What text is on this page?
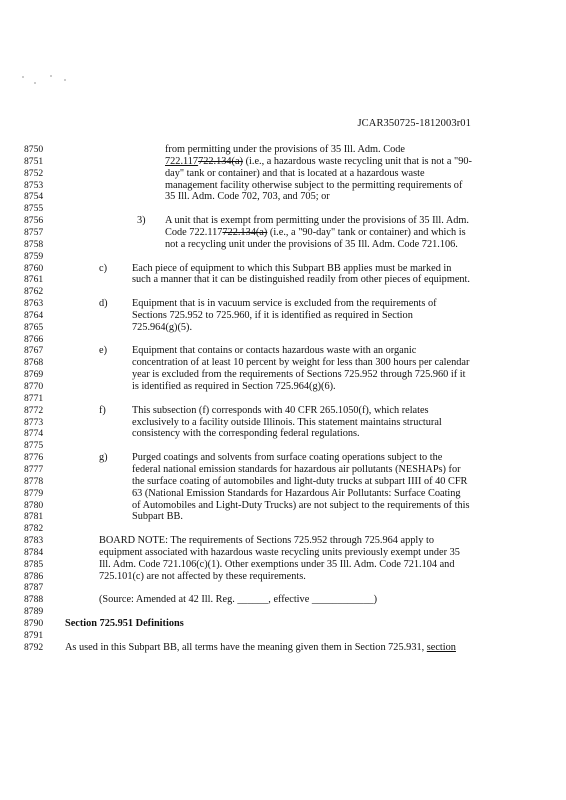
JCAR350725-1812003r01
8750	from permitting under the provisions of 35 Ill. Adm. Code
8751	722.117722.134(a) (i.e., a hazardous waste recycling unit that is not a "90-
8752	day" tank or container) and that is located at a hazardous waste
8753	management facility otherwise subject to the permitting requirements of
8754	35 Ill. Adm. Code 702, 703, and 705; or
8755
8756	3) A unit that is exempt from permitting under the provisions of 35 Ill. Adm.
8757	Code 722.117722.134(a) (i.e., a "90-day" tank or container) and which is
8758	not a recycling unit under the provisions of 35 Ill. Adm. Code 721.106.
8759
8760	c) Each piece of equipment to which this Subpart BB applies must be marked in
8761	such a manner that it can be distinguished readily from other pieces of equipment.
8762
8763	d) Equipment that is in vacuum service is excluded from the requirements of
8764	Sections 725.952 to 725.960, if it is identified as required in Section
8765	725.964(g)(5).
8766
8767	e) Equipment that contains or contacts hazardous waste with an organic
8768	concentration of at least 10 percent by weight for less than 300 hours per calendar
8769	year is excluded from the requirements of Sections 725.952 through 725.960 if it
8770	is identified as required in Section 725.964(g)(6).
8771
8772	f)	This subsection (f) corresponds with 40 CFR 265.1050(f), which relates
8773	exclusively to a facility outside Illinois. This statement maintains structural
8774	consistency with the corresponding federal regulations.
8775
8776	g) Purged coatings and solvents from surface coating operations subject to the
8777	federal national emission standards for hazardous air pollutants (NESHAPs) for
8778	the surface coating of automobiles and light-duty trucks at subpart IIII of 40 CFR
8779	63 (National Emission Standards for Hazardous Air Pollutants: Surface Coating
8780	of Automobiles and Light-Duty Trucks) are not subject to the requirements of this
8781	Subpart BB.
8782
8783	BOARD NOTE: The requirements of Sections 725.952 through 725.964 apply to
8784	equipment associated with hazardous waste recycling units previously exempt under 35
8785	Ill. Adm. Code 721.106(c)(1). Other exemptions under 35 Ill. Adm. Code 721.104 and
8786	725.101(c) are not affected by these requirements.
8787
8788	(Source: Amended at 42 Ill. Reg. ______, effective ____________)
8789
8790	Section 725.951 Definitions
8791
8792	As used in this Subpart BB, all terms have the meaning given them in Section 725.931, section
